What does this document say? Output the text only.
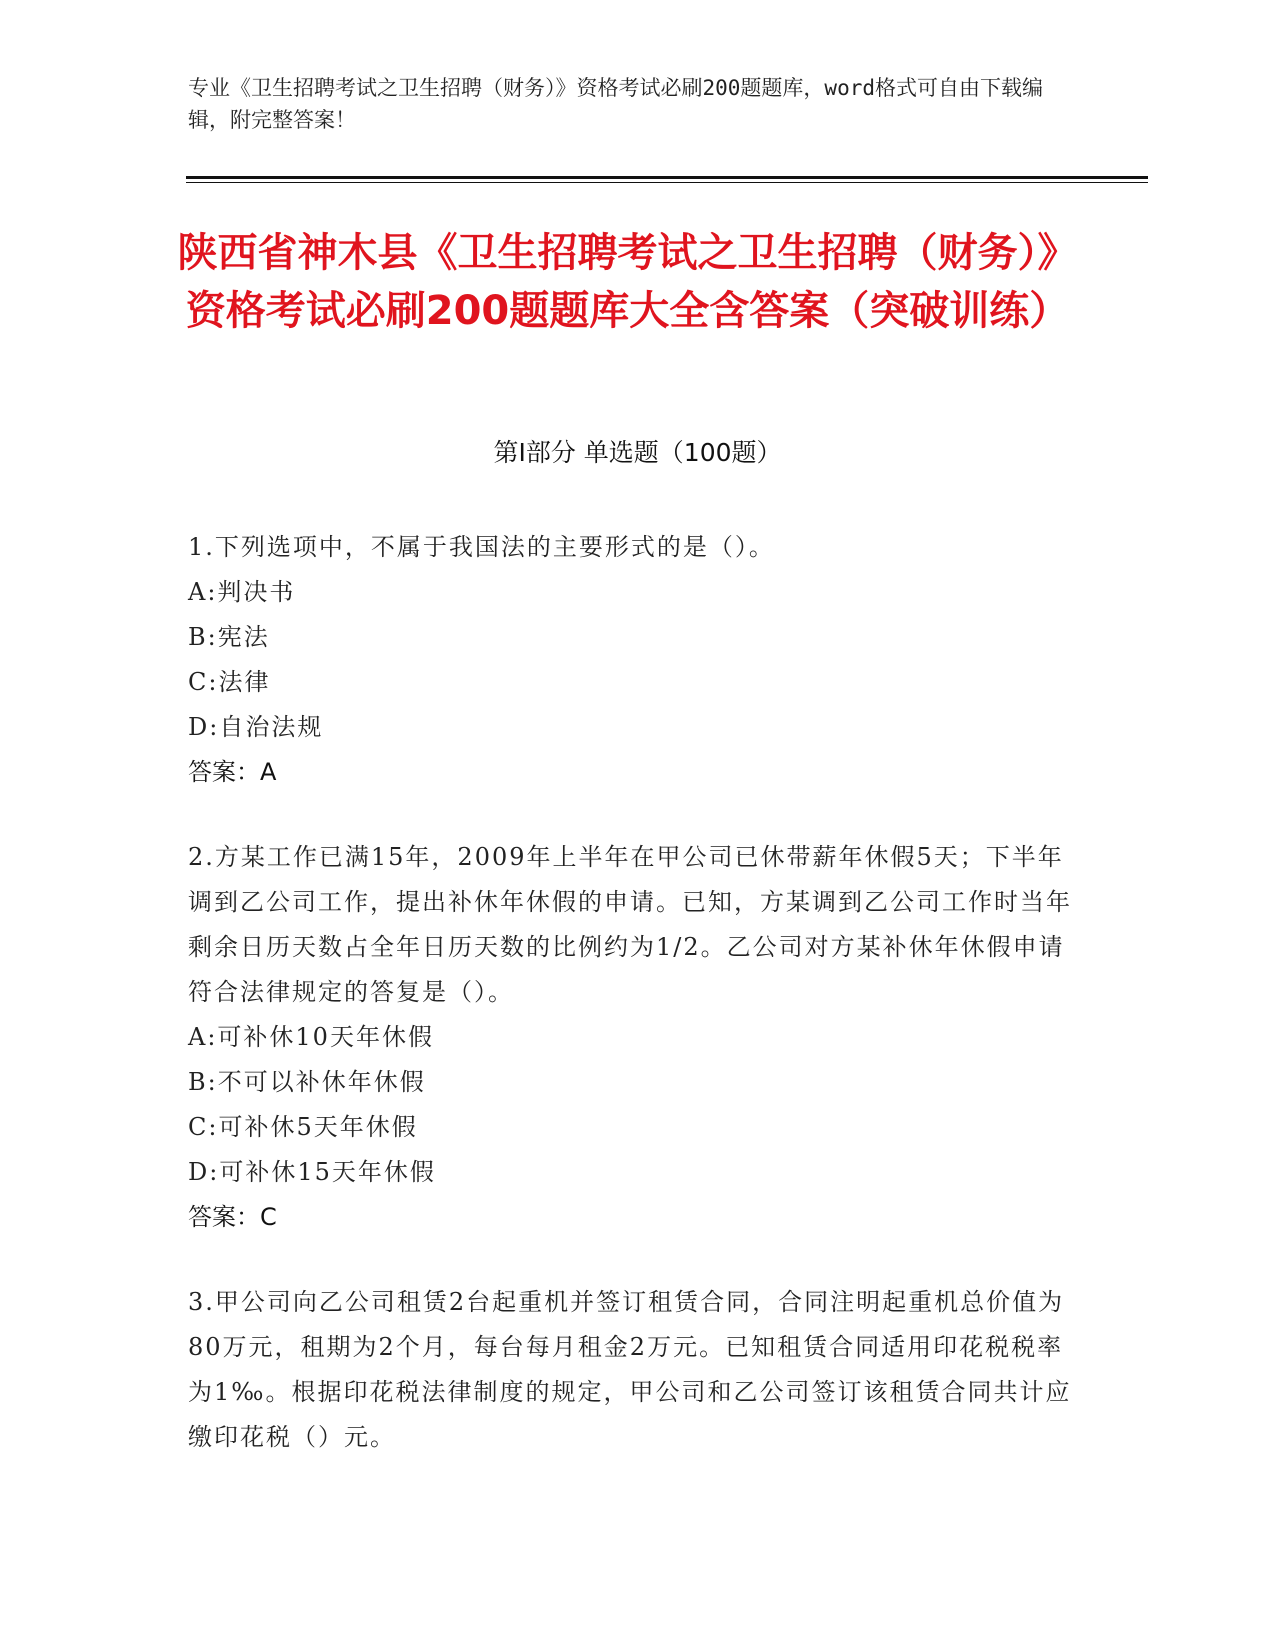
专业《卫生招聘考试之卫生招聘（财务）》资格考试必刷200题题库，word格式可自由下载编辑，附完整答案！
陕西省神木县《卫生招聘考试之卫生招聘（财务）》资格考试必刷200题题库大全含答案（突破训练）
第I部分 单选题（100题）
1.下列选项中，不属于我国法的主要形式的是（）。
A:判决书
B:宪法
C:法律
D:自治法规
答案：A
2.方某工作已满15年，2009年上半年在甲公司已休带薪年休假5天；下半年调到乙公司工作，提出补休年休假的申请。已知，方某调到乙公司工作时当年剩余日历天数占全年日历天数的比例约为1/2。乙公司对方某补休年休假申请符合法律规定的答复是（）。
A:可补休10天年休假
B:不可以补休年休假
C:可补休5天年休假
D:可补休15天年休假
答案：C
3.甲公司向乙公司租赁2台起重机并签订租赁合同，合同注明起重机总价值为80万元，租期为2个月，每台每月租金2万元。已知租赁合同适用印花税税率为1‰。根据印花税法律制度的规定，甲公司和乙公司签订该租赁合同共计应缴印花税（）元。
